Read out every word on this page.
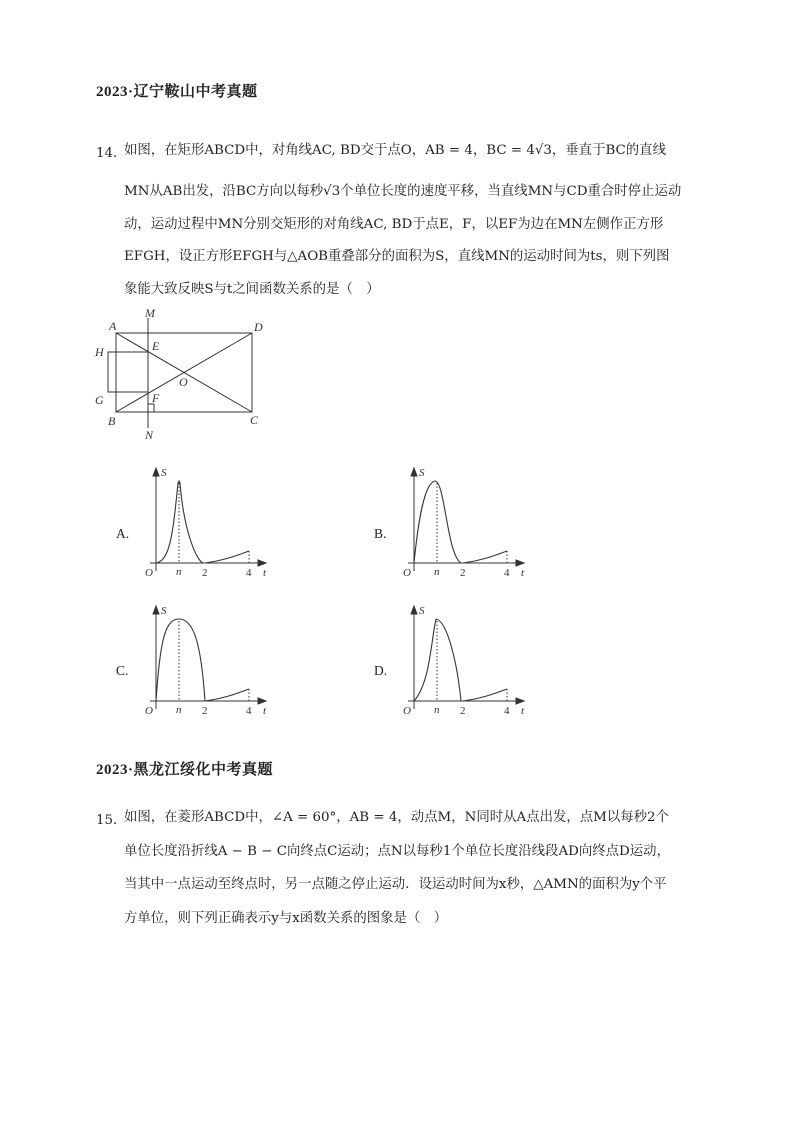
2023·辽宁鞍山中考真题
14．
如图，在矩形ABCD中，对角线AC, BD交于点O，AB = 4，BC = 4√3，垂直于BC的直线
MN从AB出发，沿BC方向以每秒√3个单位长度的速度平移，当直线MN与CD重合时停止运动
动，运动过程中MN分别交矩形的对角线AC, BD于点E，F，以EF为边在MN左侧作正方形
EFGH，设正方形EFGH与△AOB重叠部分的面积为S，直线MN的运动时间为ts，则下列图
象能大致反映S与t之间函数关系的是（　）
A
B	C
D
E
F
G
H
M
N
O
A.	B.
C.	D.
S
t
O n 2	4
S
t
O n 2	4
S
t
O n 2	4
S
t
O n 2	4
2023·黑龙江绥化中考真题
15．
如图，在菱形ABCD中，∠A = 60°，AB = 4，动点M，N同时从A点出发，点M以每秒2个
单位长度沿折线A − B − C向终点C运动；点N以每秒1个单位长度沿线段AD向终点D运动，
当其中一点运动至终点时，另一点随之停止运动．设运动时间为x秒，△AMN的面积为y个平
方单位，则下列正确表示y与x函数关系的图象是（　）
